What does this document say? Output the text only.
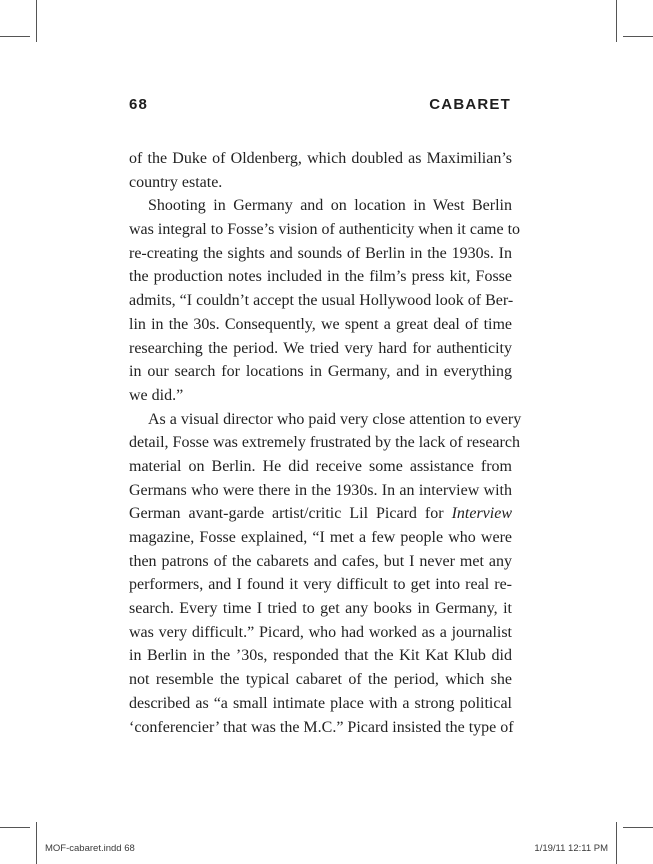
68	CABARET
of the Duke of Oldenberg, which doubled as Maximilian’s
country estate.
Shooting in Germany and on location in West Berlin
was integral to Fosse’s vision of authenticity when it came to
re-creating the sights and sounds of Berlin in the 1930s. In
the production notes included in the film’s press kit, Fosse
admits, “I couldn’t accept the usual Hollywood look of Ber-
lin in the 30s. Consequently, we spent a great deal of time
researching the period. We tried very hard for authenticity
in our search for locations in Germany, and in everything
we did.”
As a visual director who paid very close attention to every
detail, Fosse was extremely frustrated by the lack of research
material on Berlin. He did receive some assistance from
Germans who were there in the 1930s. In an interview with
German avant-garde artist/critic Lil Picard for Interview
magazine, Fosse explained, “I met a few people who were
then patrons of the cabarets and cafes, but I never met any
performers, and I found it very difficult to get into real re-
search. Every time I tried to get any books in Germany, it
was very difficult.” Picard, who had worked as a journalist
in Berlin in the ’30s, responded that the Kit Kat Klub did
not resemble the typical cabaret of the period, which she
described as “a small intimate place with a strong political
‘conferencier’ that was the M.C.” Picard insisted the type of
MOF-cabaret.indd 68	1/19/11 12:11 PM
